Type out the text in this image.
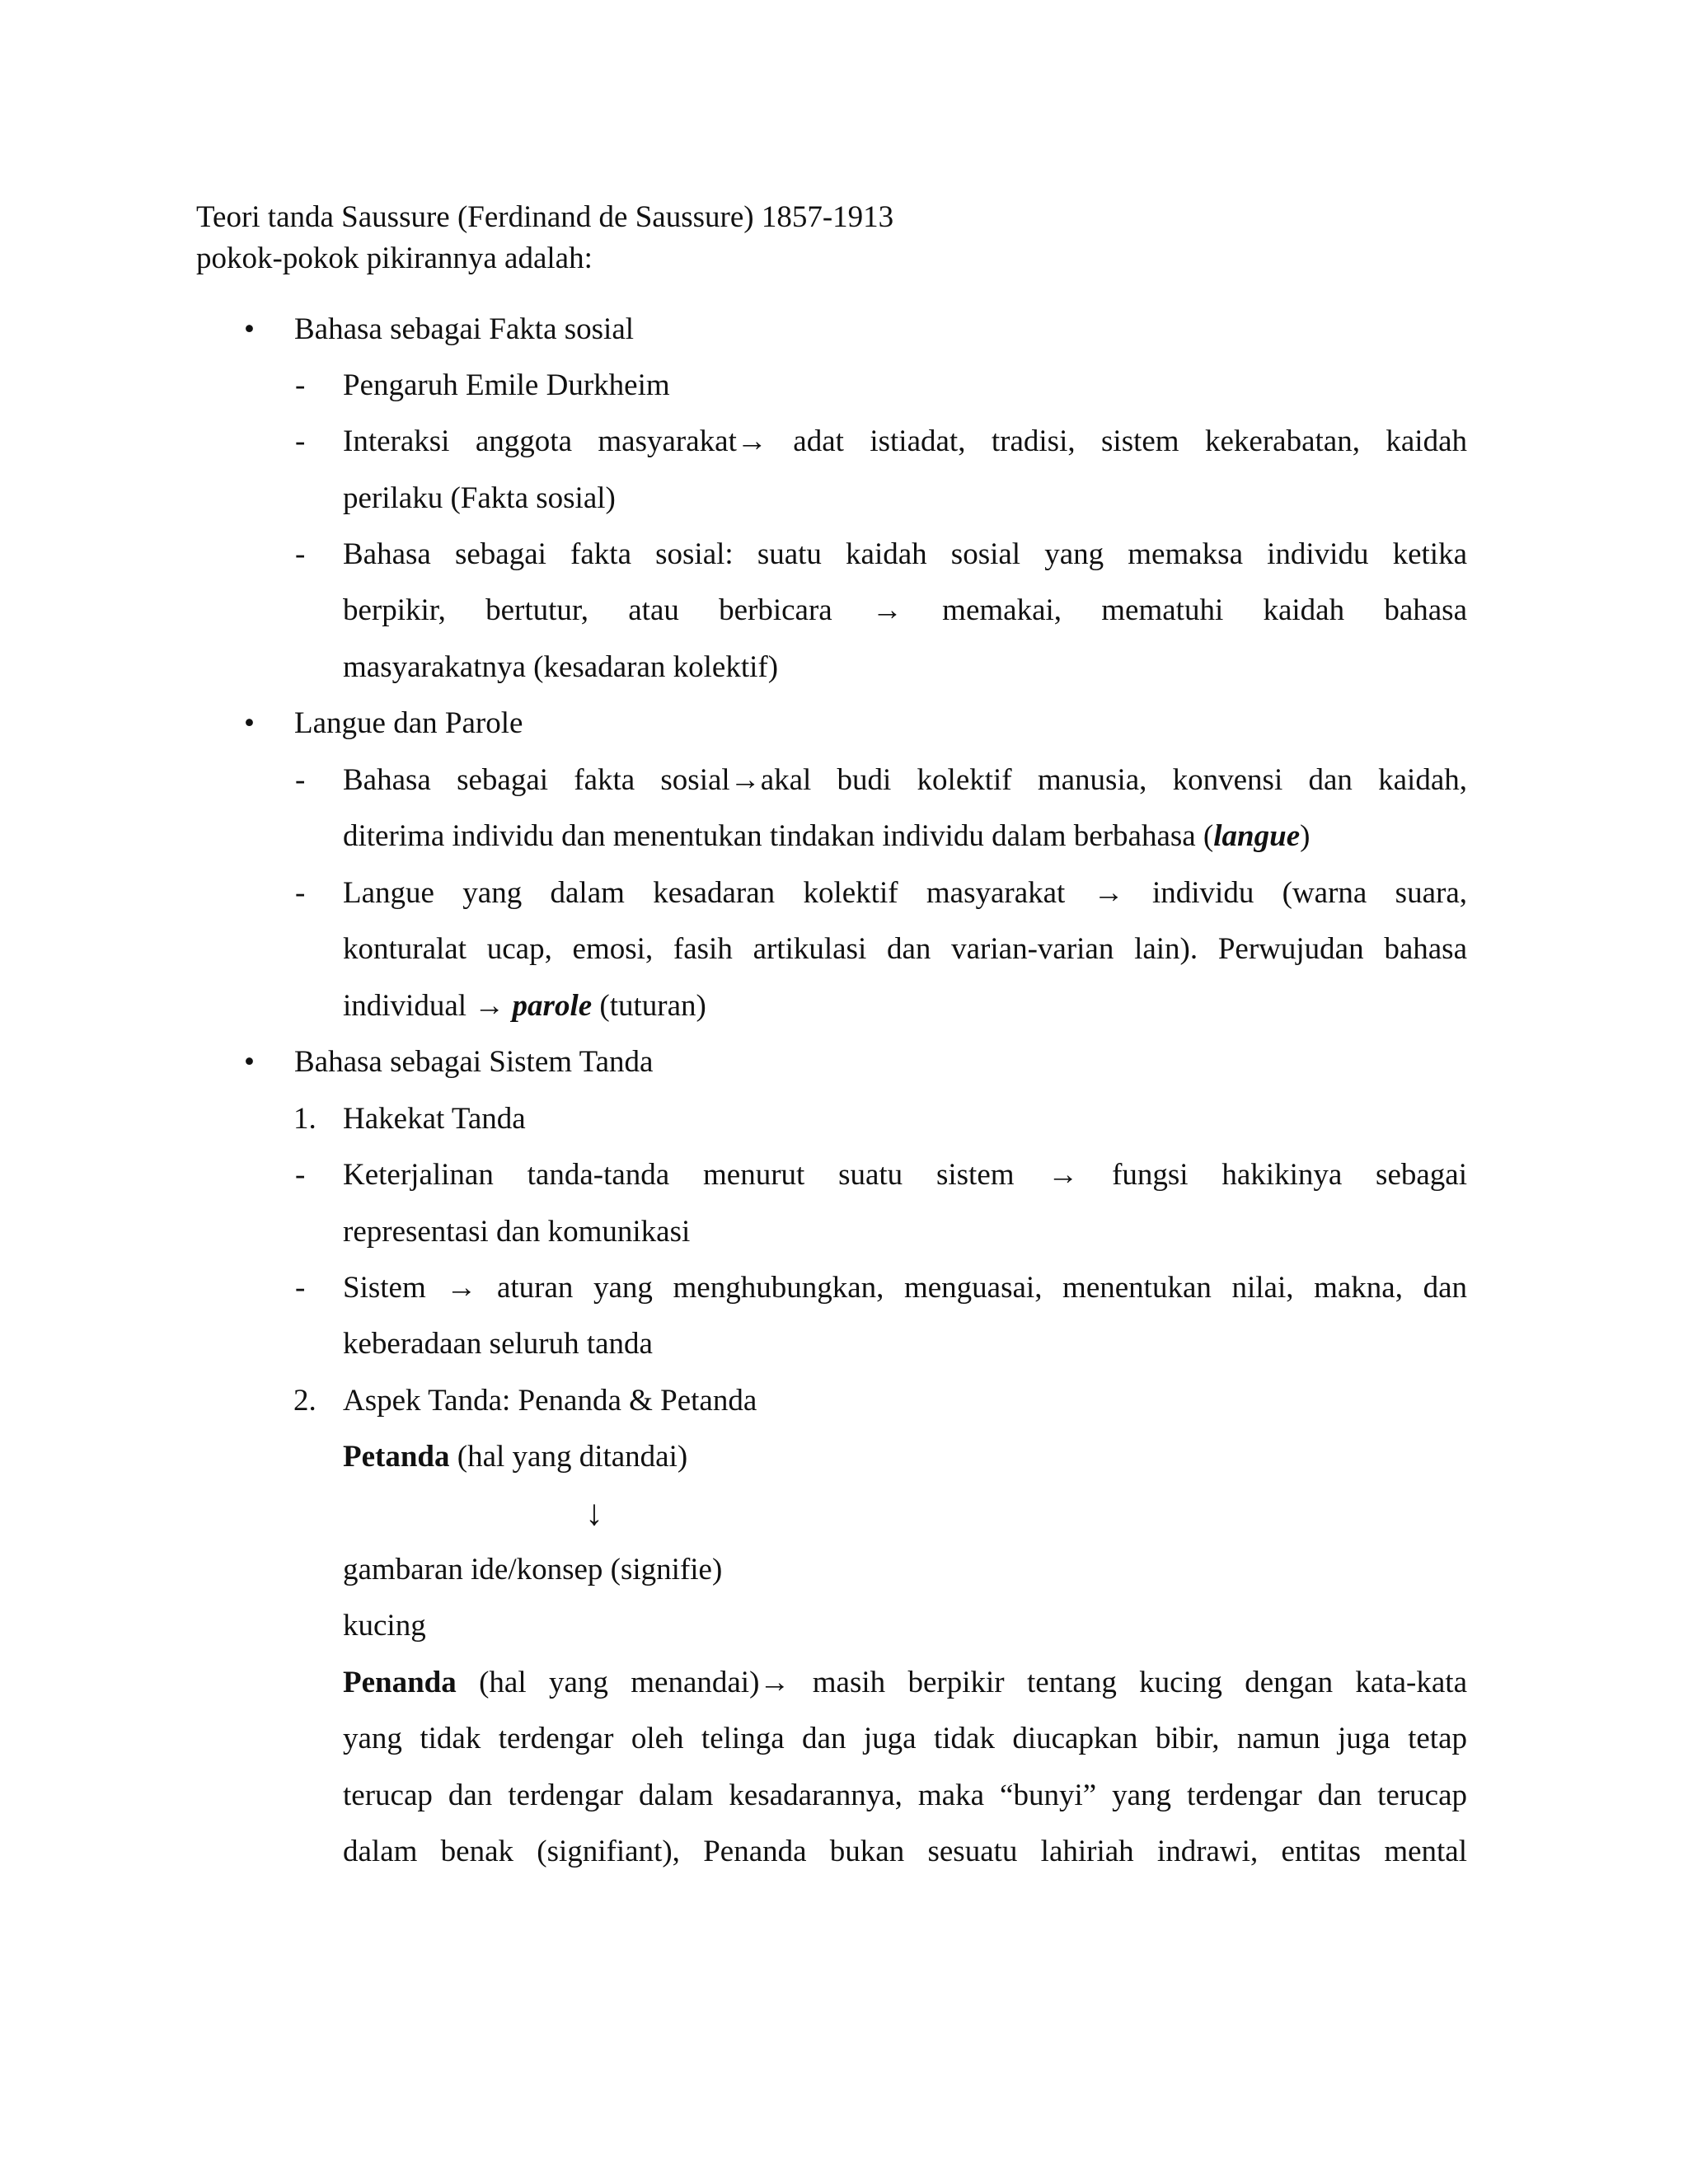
Teori tanda Saussure (Ferdinand de Saussure) 1857-1913
pokok-pokok pikirannya adalah:
• Bahasa sebagai Fakta sosial
- Pengaruh Emile Durkheim
- Interaksi anggota masyarakat→ adat istiadat, tradisi, sistem kekerabatan, kaidah
perilaku (Fakta sosial)
- Bahasa sebagai fakta sosial: suatu kaidah sosial yang memaksa individu ketika
berpikir, bertutur, atau berbicara → memakai, mematuhi kaidah bahasa
masyarakatnya (kesadaran kolektif)
• Langue dan Parole
- Bahasa sebagai fakta sosial→akal budi kolektif manusia, konvensi dan kaidah,
diterima individu dan menentukan tindakan individu dalam berbahasa (langue)
- Langue yang dalam kesadaran kolektif masyarakat → individu (warna suara,
konturalat ucap, emosi, fasih artikulasi dan varian-varian lain). Perwujudan bahasa
individual → parole (tuturan)
• Bahasa sebagai Sistem Tanda
1. Hakekat Tanda
- Keterjalinan tanda-tanda menurut suatu sistem → fungsi hakikinya sebagai
representasi dan komunikasi
- Sistem → aturan yang menghubungkan, menguasai, menentukan nilai, makna, dan
keberadaan seluruh tanda
2. Aspek Tanda: Penanda & Petanda
Petanda (hal yang ditandai)
↓
gambaran ide/konsep (signifie)
kucing
Penanda (hal yang menandai)→ masih berpikir tentang kucing dengan kata-kata
yang tidak terdengar oleh telinga dan juga tidak diucapkan bibir, namun juga tetap
terucap dan terdengar dalam kesadarannya, maka “bunyi” yang terdengar dan terucap
dalam benak (signifiant), Penanda bukan sesuatu lahiriah indrawi, entitas mental
